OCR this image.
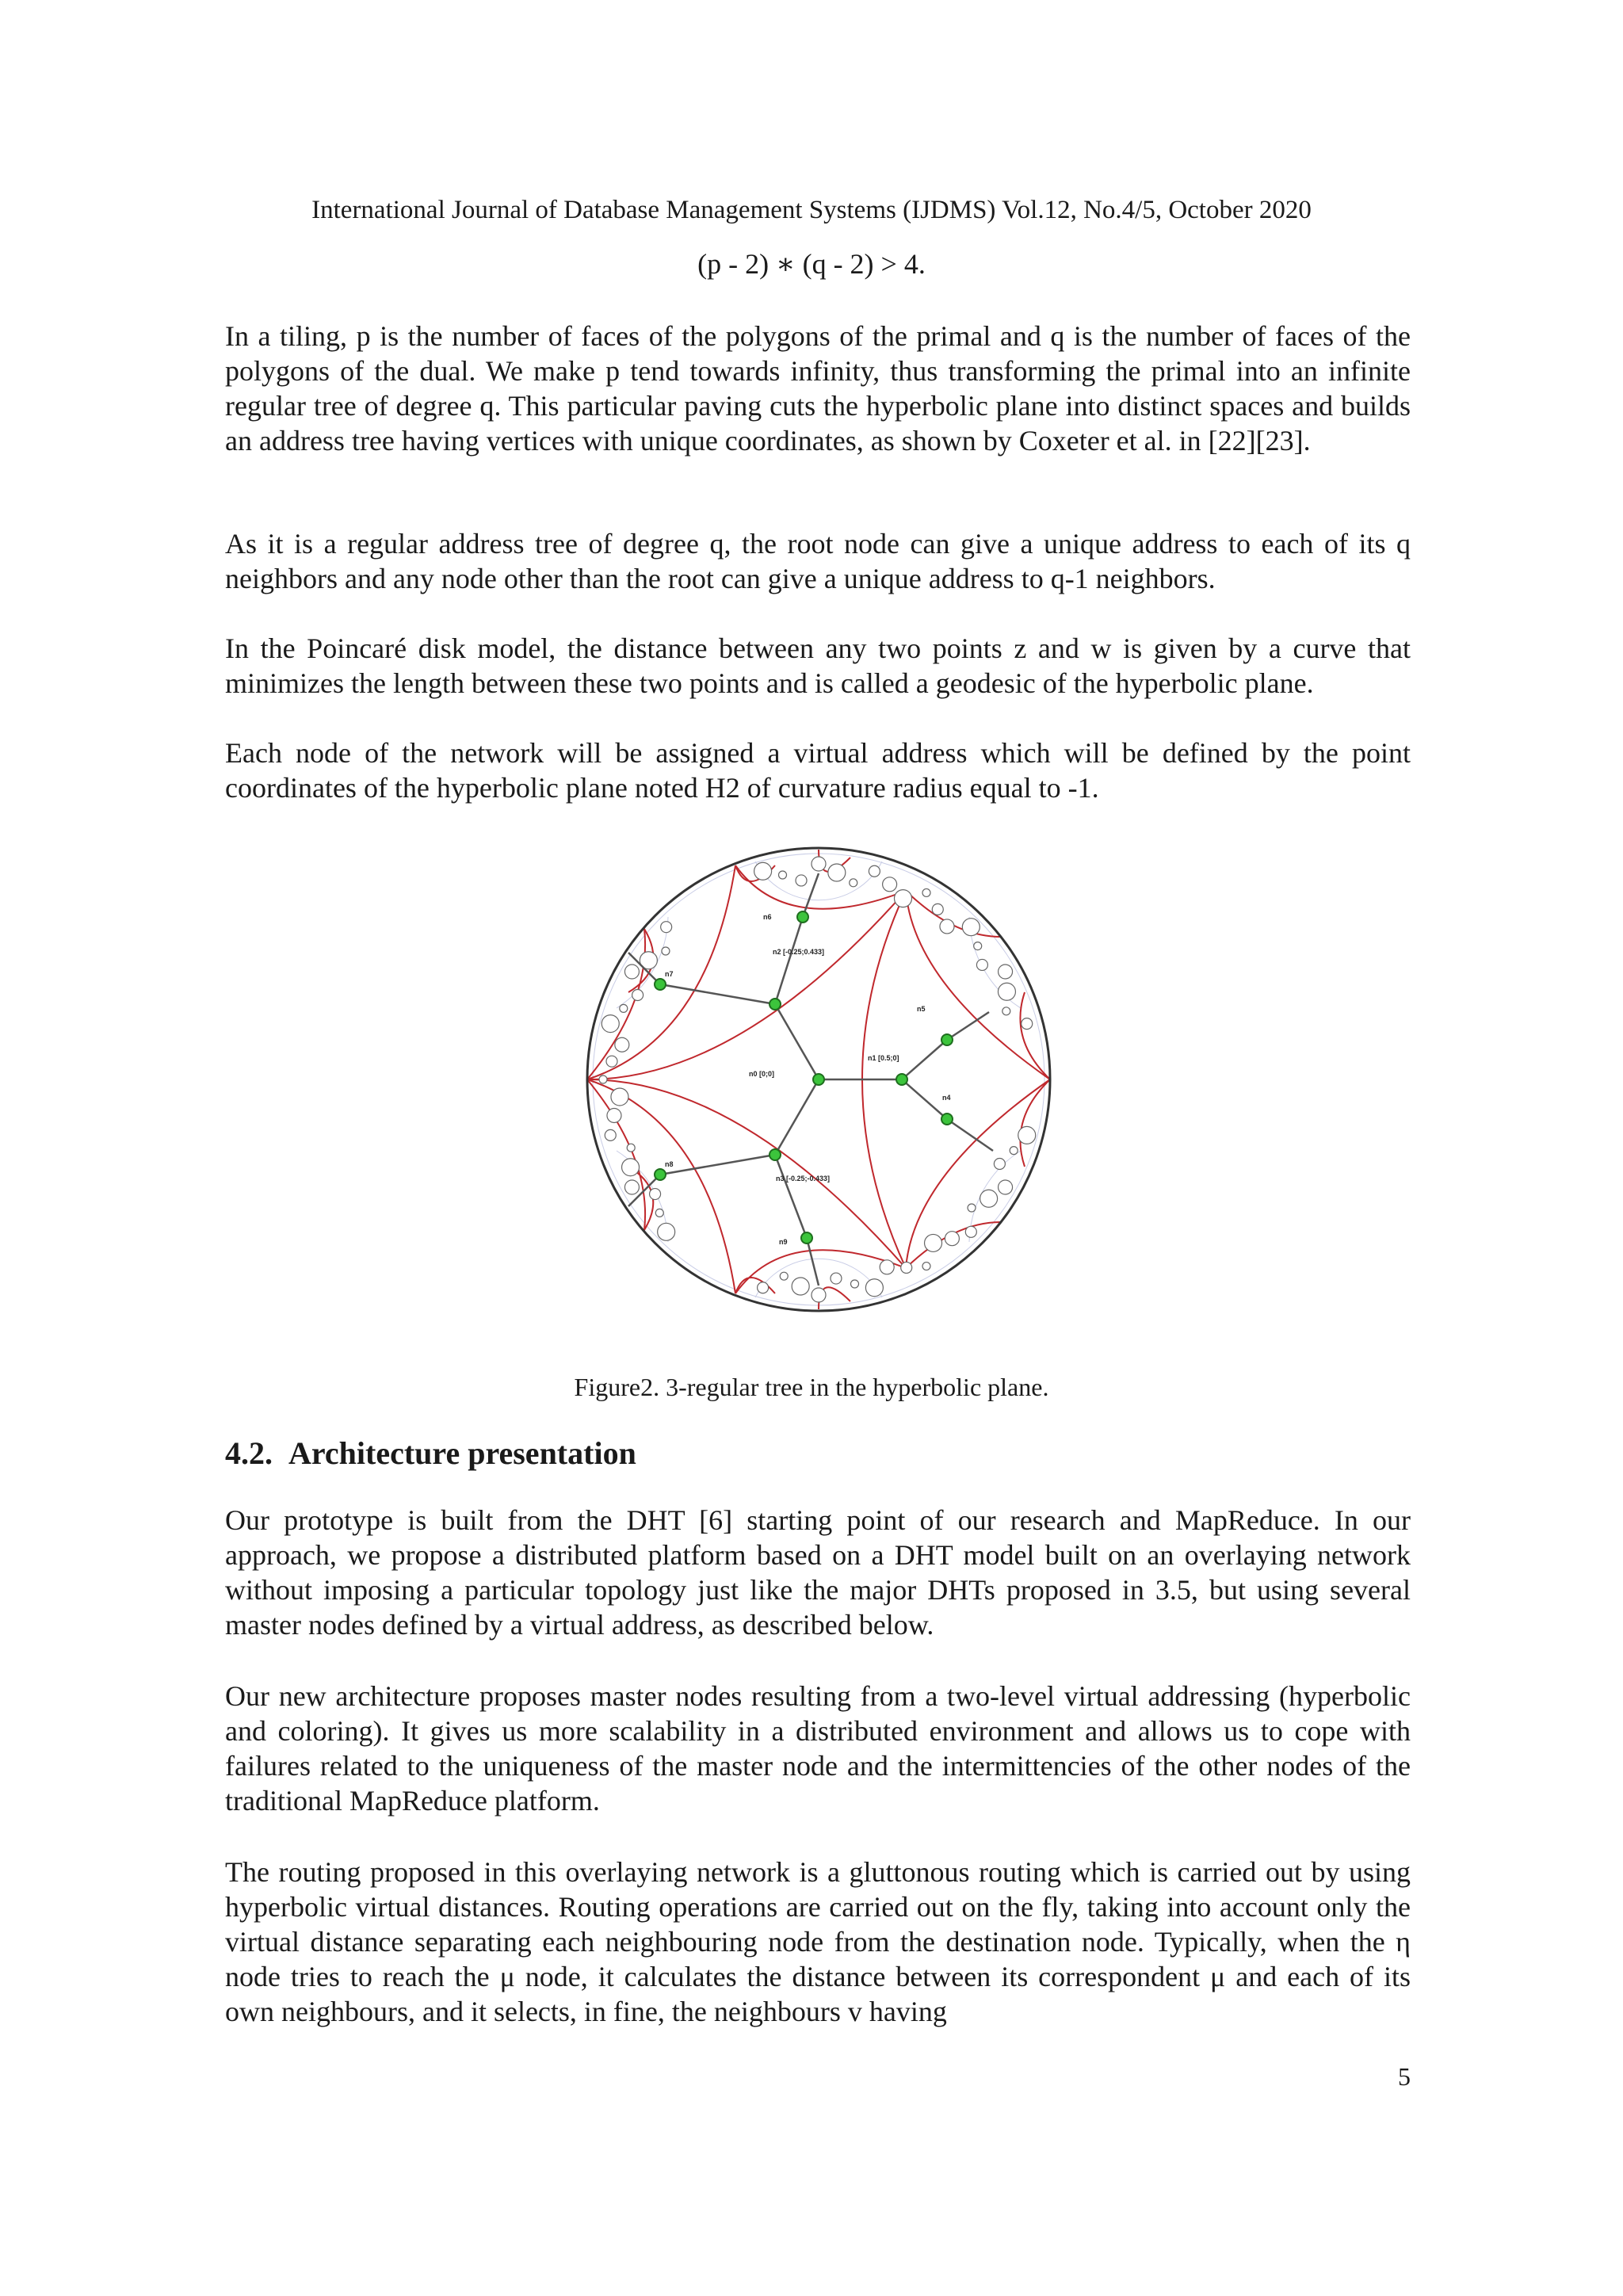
International Journal of Database Management Systems (IJDMS) Vol.12, No.4/5, October 2020
(p - 2) ∗ (q - 2) > 4.

In a tiling, p is the number of faces of the polygons of the primal and q is the number of faces of the polygons of the dual. We make p tend towards infinity, thus transforming the primal into an infinite regular tree of degree q. This particular paving cuts the hyperbolic plane into distinct spaces and builds an address tree having vertices with unique coordinates, as shown by Coxeter et al. in [22][23].

As it is a regular address tree of degree q, the root node can give a unique address to each of its q neighbors and any node other than the root can give a unique address to q-1 neighbors.

In the Poincaré disk model, the distance between any two points z and w is given by a curve that minimizes the length between these two points and is called a geodesic of the hyperbolic plane.

Each node of the network will be assigned a virtual address which will be defined by the point coordinates of the hyperbolic plane noted H2 of curvature radius equal to -1.

n0 [0;0]
n1 [0.5;0]
n2 [-0.25;0.433]
n3 [-0.25;-0.433]
n4
n5
n6
n7
n8
n9
Figure2. 3-regular tree in the hyperbolic plane.
4.2. Architecture presentation

Our prototype is built from the DHT [6] starting point of our research and MapReduce. In our approach, we propose a distributed platform based on a DHT model built on an overlaying network without imposing a particular topology just like the major DHTs proposed in 3.5, but using several master nodes defined by a virtual address, as described below.

Our new architecture proposes master nodes resulting from a two-level virtual addressing (hyperbolic and coloring). It gives us more scalability in a distributed environment and allows us to cope with failures related to the uniqueness of the master node and the intermittencies of the other nodes of the traditional MapReduce platform.

The routing proposed in this overlaying network is a gluttonous routing which is carried out by using hyperbolic virtual distances. Routing operations are carried out on the fly, taking into account only the virtual distance separating each neighbouring node from the destination node. Typically, when the η node tries to reach the μ node, it calculates the distance between its correspondent μ and each of its own neighbours, and it selects, in fine, the neighbours v having

5
